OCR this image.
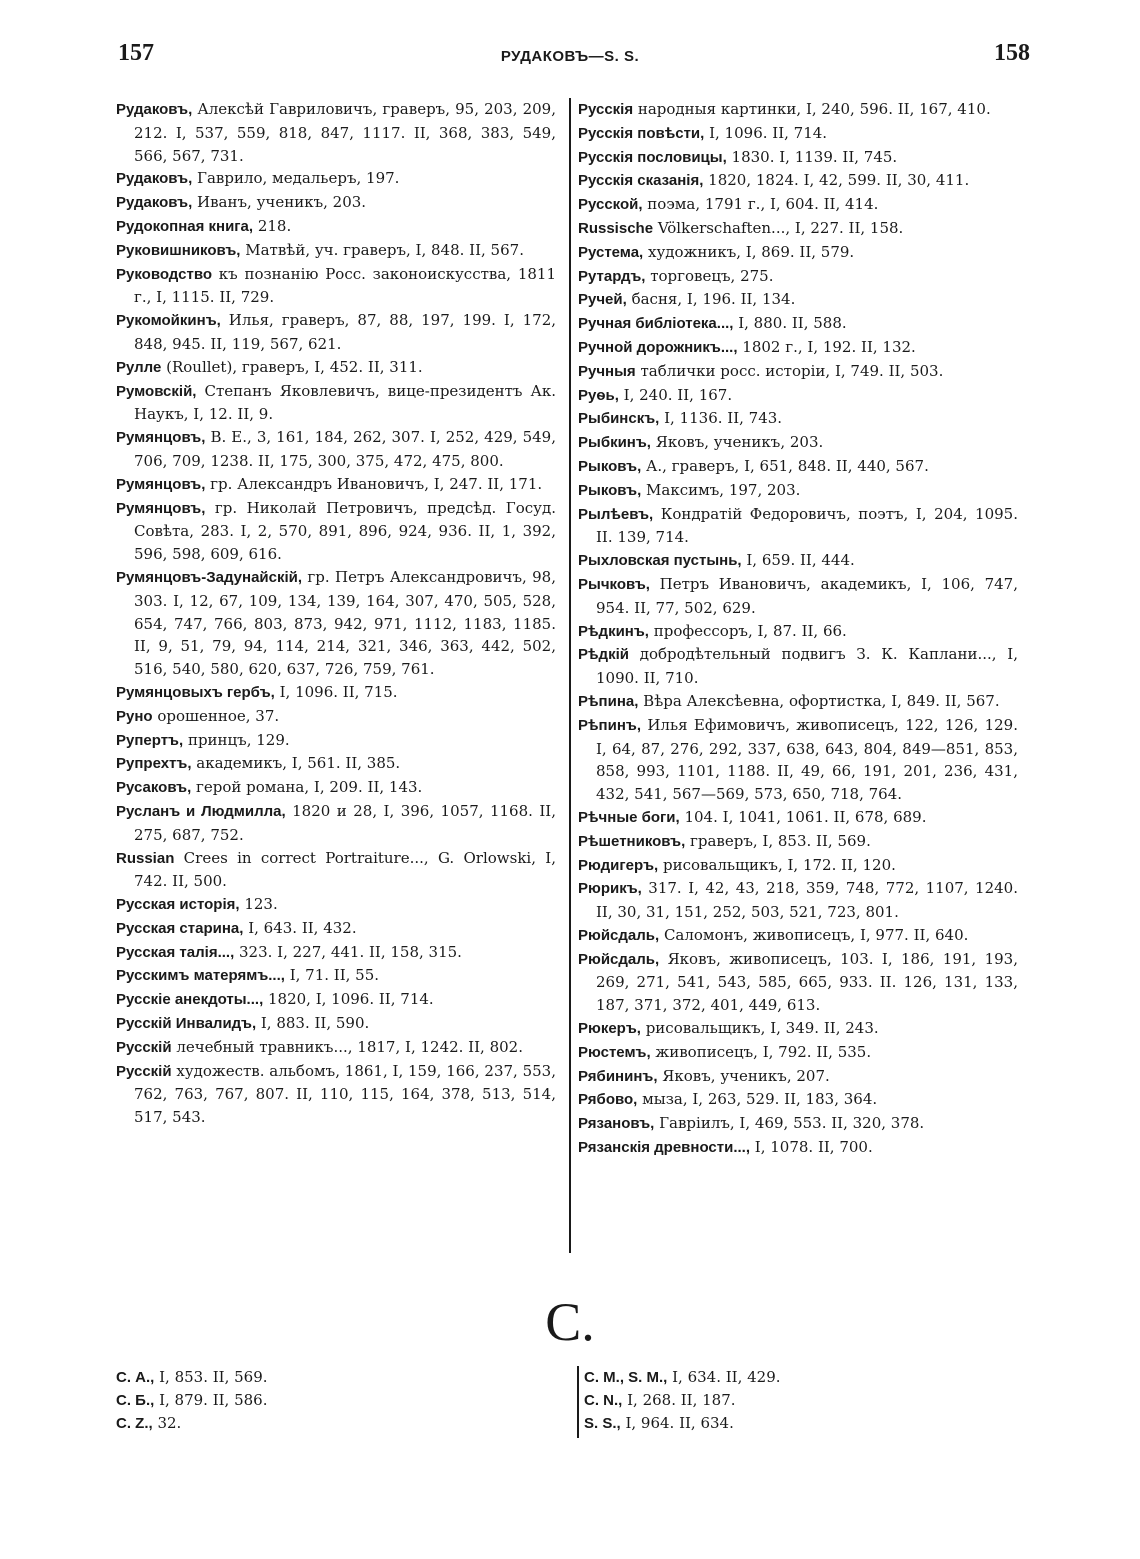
157	РУДАКОВЪ—S. S.	158
Рудаковъ, Алексѣй Гавриловичъ, граверъ, 95, 203, 209, 212. I, 537, 559, 818, 847, 1117. II, 368, 383, 549, 566, 567, 731.
Рудаковъ, Гаврило, медальеръ, 197.
Рудаковъ, Иванъ, ученикъ, 203.
Рудокопная книга, 218.
Руковишниковъ, Матвѣй, уч. граверъ, I, 848. II, 567.
Руководство къ познанію Росс. законоискусства, 1811 г., I, 1115. II, 729.
Рукомойкинъ, Илья, граверъ, 87, 88, 197, 199. I, 172, 848, 945. II, 119, 567, 621.
Рулле (Roullet), граверъ, I, 452. II, 311.
Румовскій, Степанъ Яковлевичъ, вице-президентъ Ак. Наукъ, I, 12. II, 9.
Румянцовъ, В. Е., 3, 161, 184, 262, 307. I, 252, 429, 549, 706, 709, 1238. II, 175, 300, 375, 472, 475, 800.
Румянцовъ, гр. Александръ Ивановичъ, I, 247. II, 171.
Румянцовъ, гр. Николай Петровичъ, предсѣд. Госуд. Совѣта, 283. I, 2, 570, 891, 896, 924, 936. II, 1, 392, 596, 598, 609, 616.
Румянцовъ-Задунайскій, гр. Петръ Александровичъ, 98, 303. I, 12, 67, 109, 134, 139, 164, 307, 470, 505, 528, 654, 747, 766, 803, 873, 942, 971, 1112, 1183, 1185. II, 9, 51, 79, 94, 114, 214, 321, 346, 363, 442, 502, 516, 540, 580, 620, 637, 726, 759, 761.
Румянцовыхъ гербъ, I, 1096. II, 715.
Руно орошенное, 37.
Рупертъ, принцъ, 129.
Рупрехтъ, академикъ, I, 561. II, 385.
Русаковъ, герой романа, I, 209. II, 143.
Русланъ и Людмилла, 1820 и 28, I, 396, 1057, 1168. II, 275, 687, 752.
Russian Crees in correct Portraiture..., G. Orlowski, I, 742. II, 500.
Русская исторія, 123.
Русская старина, I, 643. II, 432.
Русская талія..., 323. I, 227, 441. II, 158, 315.
Русскимъ матерямъ..., I, 71. II, 55.
Русскіе анекдоты..., 1820, I, 1096. II, 714.
Русскій Инвалидъ, I, 883. II, 590.
Русскій лечебный травникъ..., 1817, I, 1242. II, 802.
Русскій художеств. альбомъ, 1861, I, 159, 166, 237, 553, 762, 763, 767, 807. II, 110, 115, 164, 378, 513, 514, 517, 543.
Русскія народныя картинки, I, 240, 596. II, 167, 410.
Русскія повѣсти, I, 1096. II, 714.
Русскія пословицы, 1830. I, 1139. II, 745.
Русскія сказанія, 1820, 1824. I, 42, 599. II, 30, 411.
Русской, поэма, 1791 г., I, 604. II, 414.
Russische Völkerschaften..., I, 227. II, 158.
Рустема, художникъ, I, 869. II, 579.
Рутардъ, торговецъ, 275.
Ручей, басня, I, 196. II, 134.
Ручная библіотека..., I, 880. II, 588.
Ручной дорожникъ..., 1802 г., I, 192. II, 132.
Ручныя таблички росс. исторіи, I, 749. II, 503.
Руѳь, I, 240. II, 167.
Рыбинскъ, I, 1136. II, 743.
Рыбкинъ, Яковъ, ученикъ, 203.
Рыковъ, А., граверъ, I, 651, 848. II, 440, 567.
Рыковъ, Максимъ, 197, 203.
Рылѣевъ, Кондратій Федоровичъ, поэтъ, I, 204, 1095. II. 139, 714.
Рыхловская пустынь, I, 659. II, 444.
Рычковъ, Петръ Ивановичъ, академикъ, I, 106, 747, 954. II, 77, 502, 629.
Рѣдкинъ, профессоръ, I, 87. II, 66.
Рѣдкій добродѣтельный подвигъ З. К. Каплани..., I, 1090. II, 710.
Рѣпина, Вѣра Алексѣевна, офортистка, I, 849. II, 567.
Рѣпинъ, Илья Ефимовичъ, живописецъ, 122, 126, 129. I, 64, 87, 276, 292, 337, 638, 643, 804, 849—851, 853, 858, 993, 1101, 1188. II, 49, 66, 191, 201, 236, 431, 432, 541, 567—569, 573, 650, 718, 764.
Рѣчные боги, 104. I, 1041, 1061. II, 678, 689.
Рѣшетниковъ, граверъ, I, 853. II, 569.
Рюдигеръ, рисовальщикъ, I, 172. II, 120.
Рюрикъ, 317. I, 42, 43, 218, 359, 748, 772, 1107, 1240. II, 30, 31, 151, 252, 503, 521, 723, 801.
Рюйсдаль, Саломонъ, живописецъ, I, 977. II, 640.
Рюйсдаль, Яковъ, живописецъ, 103. I, 186, 191, 193, 269, 271, 541, 543, 585, 665, 933. II. 126, 131, 133, 187, 371, 372, 401, 449, 613.
Рюкеръ, рисовальщикъ, I, 349. II, 243.
Рюстемъ, живописецъ, I, 792. II, 535.
Рябининъ, Яковъ, ученикъ, 207.
Рябово, мыза, I, 263, 529. II, 183, 364.
Рязановъ, Гавріилъ, I, 469, 553. II, 320, 378.
Рязанскія древности..., I, 1078. II, 700.
С.
С. А., I, 853. II, 569.
С. Б., I, 879. II, 586.
С. Z., 32.
С. M., S. M., I, 634. II, 429.
С. N., I, 268. II, 187.
S. S., I, 964. II, 634.
